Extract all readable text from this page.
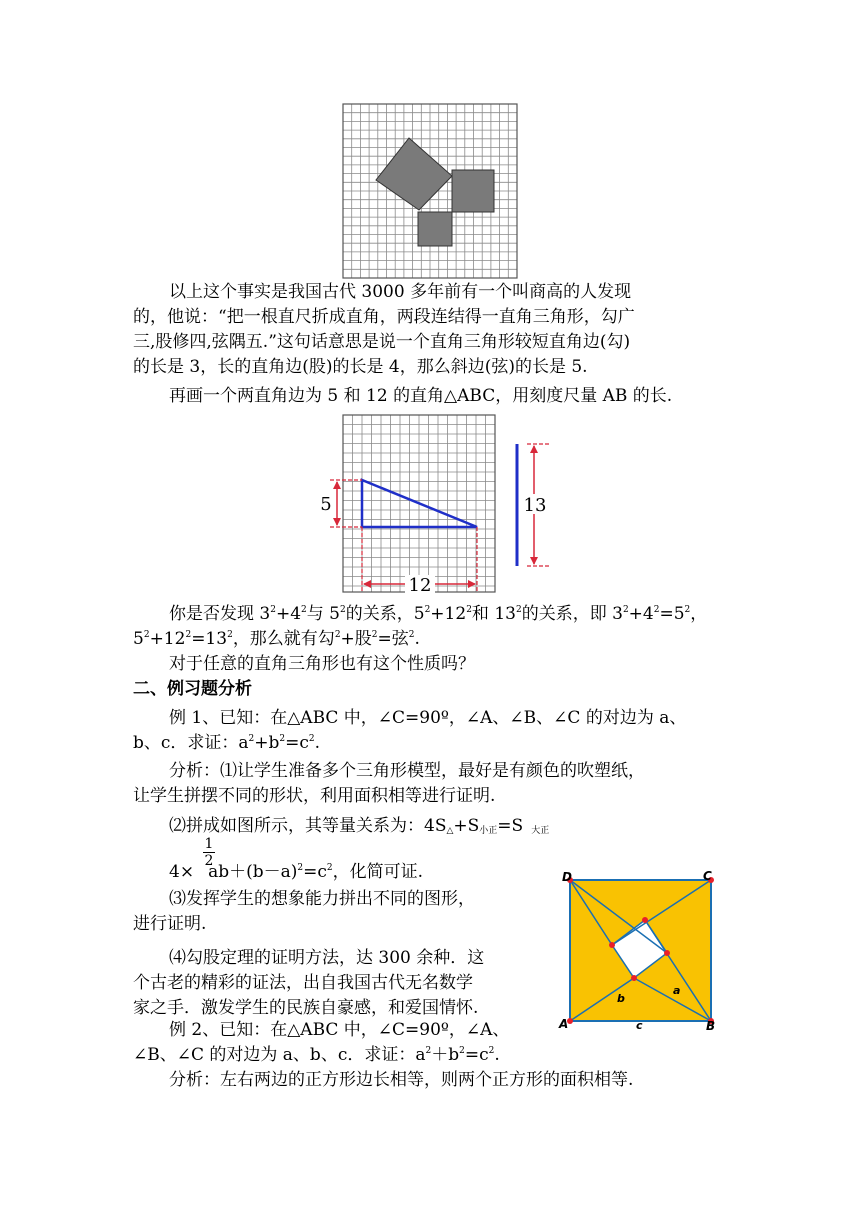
5
12
13
D	C
A	B
a
b
c
以上这个事实是我国古代 3000 多年前有一个叫商高的人发现
的，他说：“把一根直尺折成直角，两段连结得一直角三角形，勾广
三,股修四,弦隅五.”这句话意思是说一个直角三角形较短直角边(勾)
的长是 3，长的直角边(股)的长是 4，那么斜边(弦)的长是 5.
再画一个两直角边为 5 和 12 的直角△ABC，用刻度尺量 AB 的长.
你是否发现 $3^2+4^2$与 $5^2$的关系，$5^2+12^2$和 $13^2$的关系，即 $3^2+4^2=5^2$，
$5^2+12^2=13^2$，那么就有勾$^2$+股$^2$=弦$^2$.
对于任意的直角三角形也有这个性质吗？
二、例习题分析
例 1、已知：在△ABC 中，∠C=90º，∠A、∠B、∠C 的对边为 a、
b、c．求证：$a^2+b^2=c^2$.
分析：⑴让学生准备多个三角形模型，最好是有颜色的吹塑纸，
让学生拼摆不同的形状，利用面积相等进行证明.
⑵拼成如图所示，其等量关系为：$4S_\triangle+S_{小正}=S$ $_{大正}$
1
2
$4\times ab+(b-a)^2=c^2$，化简可证.
⑶发挥学生的想象能力拼出不同的图形，
进行证明.
⑷勾股定理的证明方法，达 300 余种．这
个古老的精彩的证法，出自我国古代无名数学
家之手．激发学生的民族自豪感，和爱国情怀.
例 2、已知：在△ABC 中，∠C=90º，∠A、
∠B、∠C 的对边为 a、b、c．求证：$a^2+b^2=c^2$.
分析：左右两边的正方形边长相等，则两个正方形的面积相等.
